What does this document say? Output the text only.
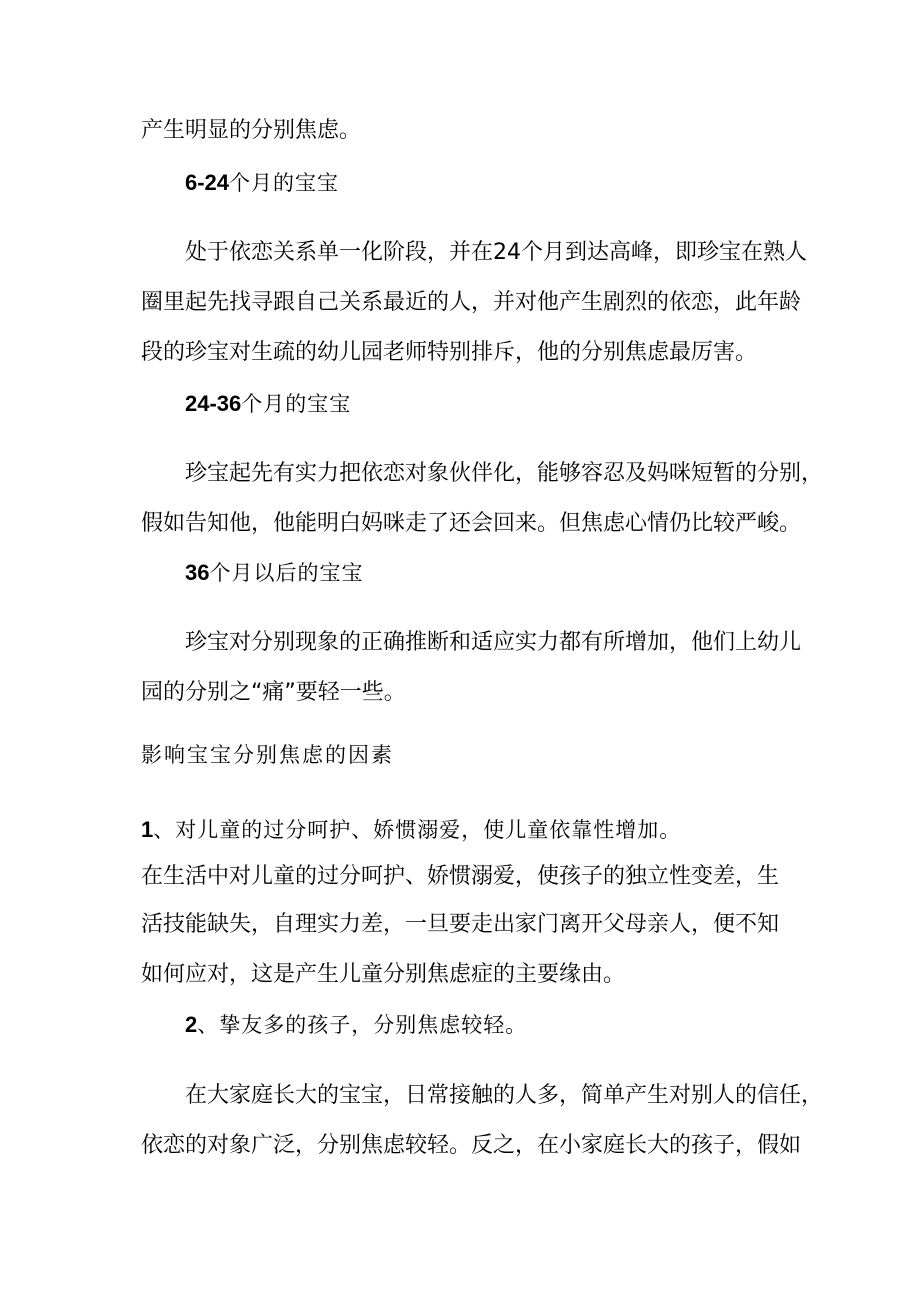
产生明显的分别焦虑。
6-24个月的宝宝
处于依恋关系单一化阶段，并在24个月到达高峰，即珍宝在熟人
圈里起先找寻跟自己关系最近的人，并对他产生剧烈的依恋，此年龄
段的珍宝对生疏的幼儿园老师特别排斥，他的分别焦虑最厉害。
24-36个月的宝宝
珍宝起先有实力把依恋对象伙伴化，能够容忍及妈咪短暂的分别，
假如告知他，他能明白妈咪走了还会回来。但焦虑心情仍比较严峻。
36个月以后的宝宝
珍宝对分别现象的正确推断和适应实力都有所增加，他们上幼儿
园的分别之“痛”要轻一些。
影响宝宝分别焦虑的因素
1、对儿童的过分呵护、娇惯溺爱，使儿童依靠性增加。
在生活中对儿童的过分呵护、娇惯溺爱，使孩子的独立性变差，生
活技能缺失，自理实力差，一旦要走出家门离开父母亲人，便不知
如何应对，这是产生儿童分别焦虑症的主要缘由。
2、挚友多的孩子，分别焦虑较轻。
在大家庭长大的宝宝，日常接触的人多，简单产生对别人的信任，
依恋的对象广泛，分别焦虑较轻。反之，在小家庭长大的孩子，假如
